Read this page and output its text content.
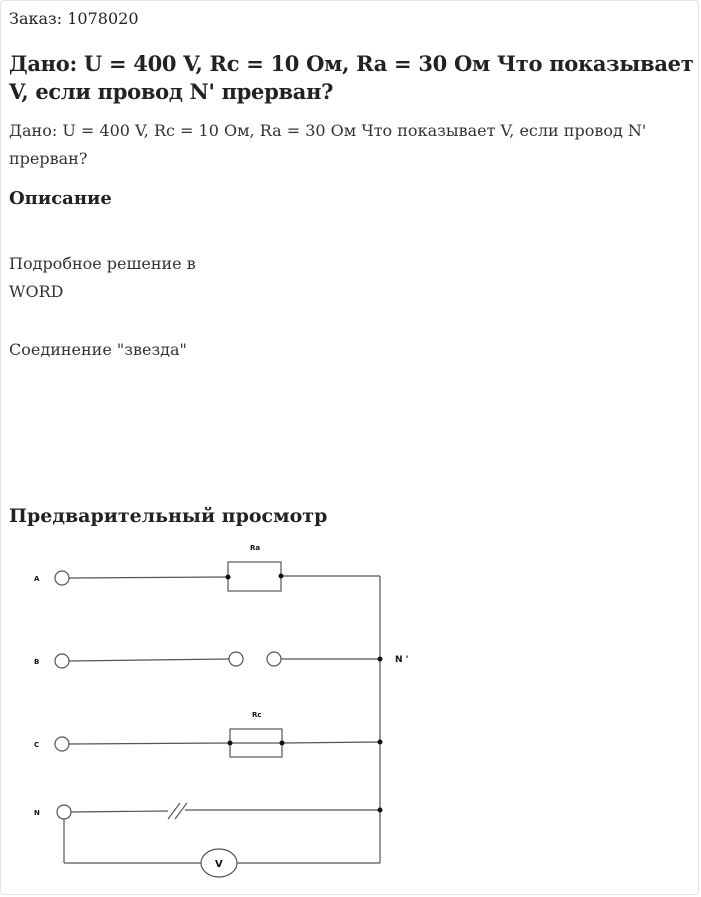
Заказ: 1078020
Дано: U = 400 V, Rc = 10 Ом, Ra = 30 Ом Что показывает V, если провод N' прерван?
Дано: U = 400 V, Rc = 10 Ом, Ra = 30 Ом Что показывает V, если провод N' прерван?
Описание
Подробное решение в
WORD
Соединение "звезда"
Предварительный просмотр
A
B
C
N
Ra
Rc
N '
V
